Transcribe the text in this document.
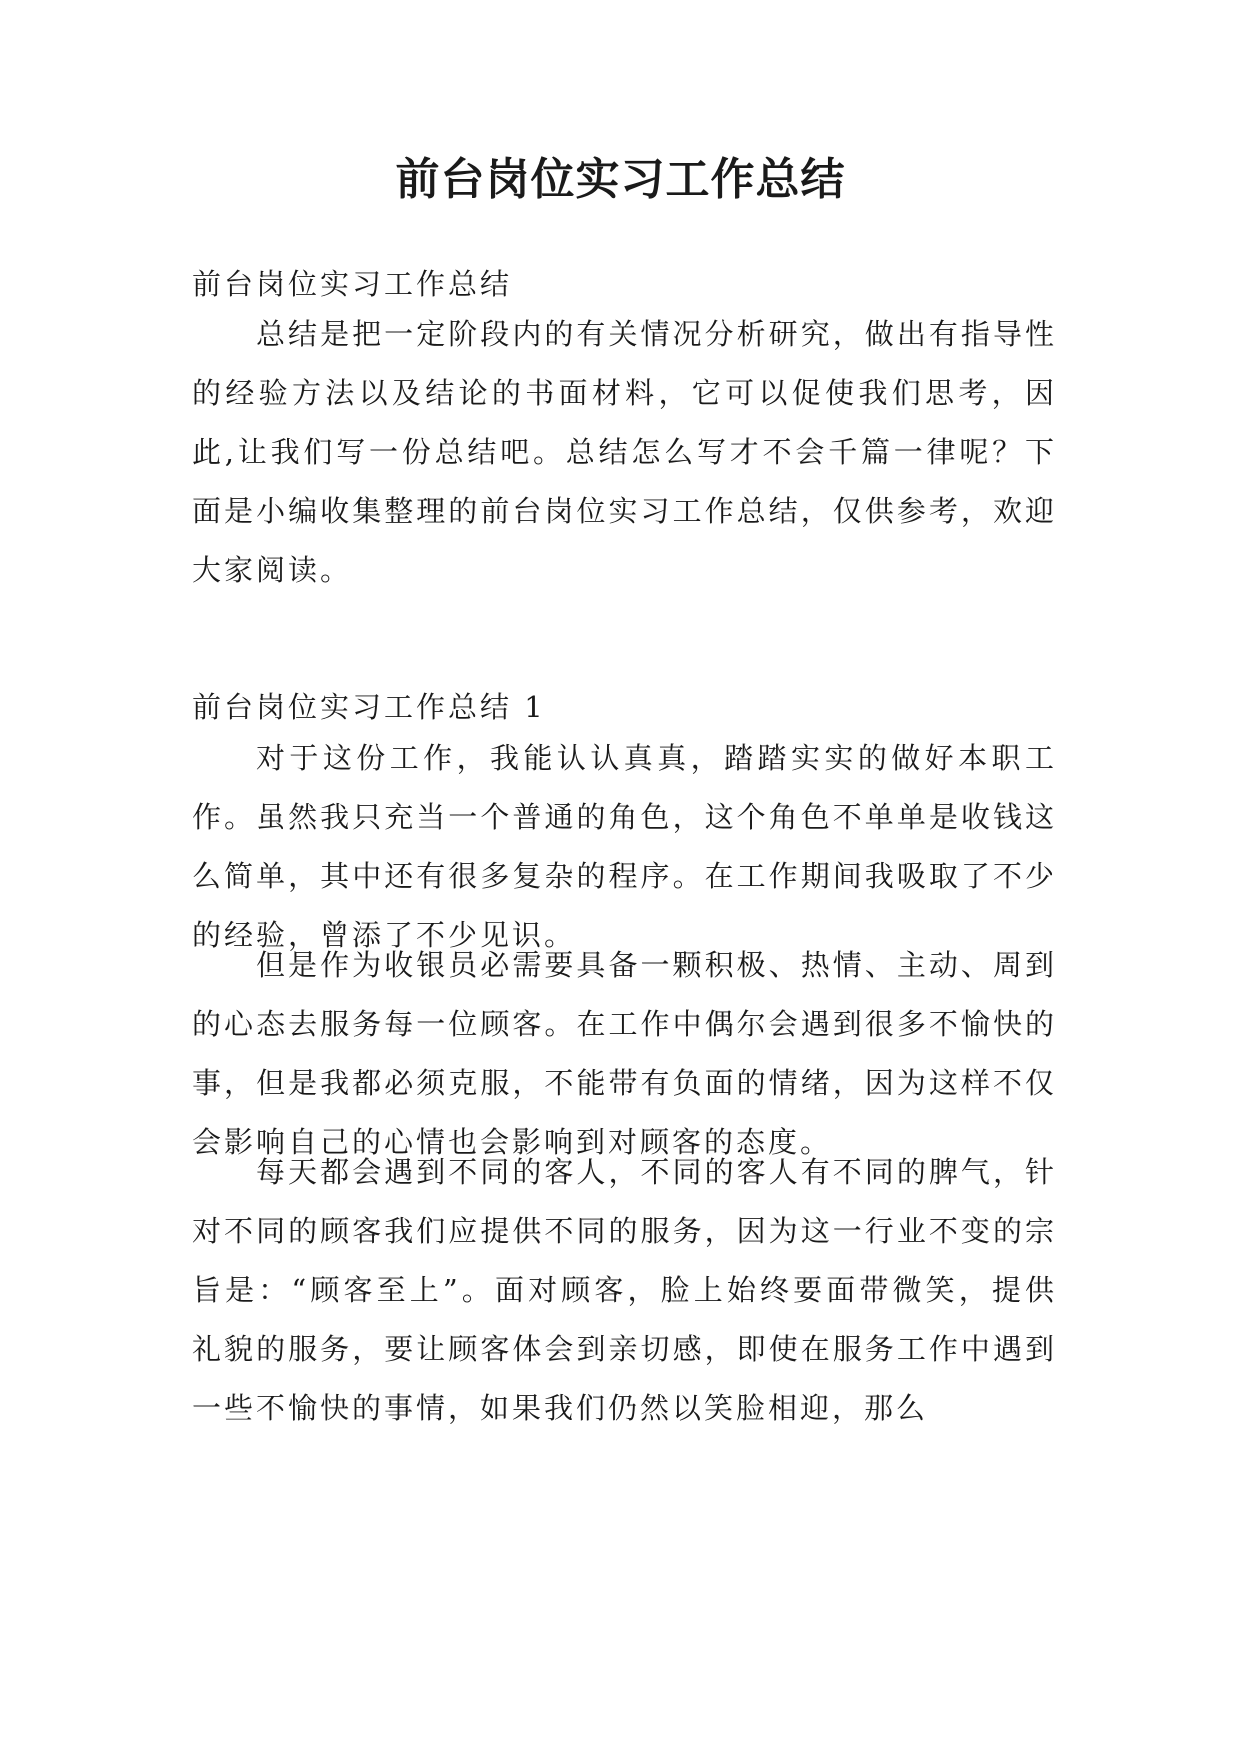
前台岗位实习工作总结

前台岗位实习工作总结

总结是把一定阶段内的有关情况分析研究，做出有指导性的经验方法以及结论的书面材料，它可以促使我们思考，因此,让我们写一份总结吧。总结怎么写才不会千篇一律呢？下面是小编收集整理的前台岗位实习工作总结，仅供参考，欢迎大家阅读。

前台岗位实习工作总结 1

对于这份工作，我能认认真真，踏踏实实的做好本职工作。虽然我只充当一个普通的角色，这个角色不单单是收钱这么简单，其中还有很多复杂的程序。在工作期间我吸取了不少的经验，曾添了不少见识。

但是作为收银员必需要具备一颗积极、热情、主动、周到的心态去服务每一位顾客。在工作中偶尔会遇到很多不愉快的事，但是我都必须克服，不能带有负面的情绪，因为这样不仅会影响自己的心情也会影响到对顾客的态度。

每天都会遇到不同的客人，不同的客人有不同的脾气，针对不同的顾客我们应提供不同的服务，因为这一行业不变的宗旨是：“顾客至上”。面对顾客，脸上始终要面带微笑，提供礼貌的服务，要让顾客体会到亲切感，即使在服务工作中遇到一些不愉快的事情，如果我们仍然以笑脸相迎，那么
